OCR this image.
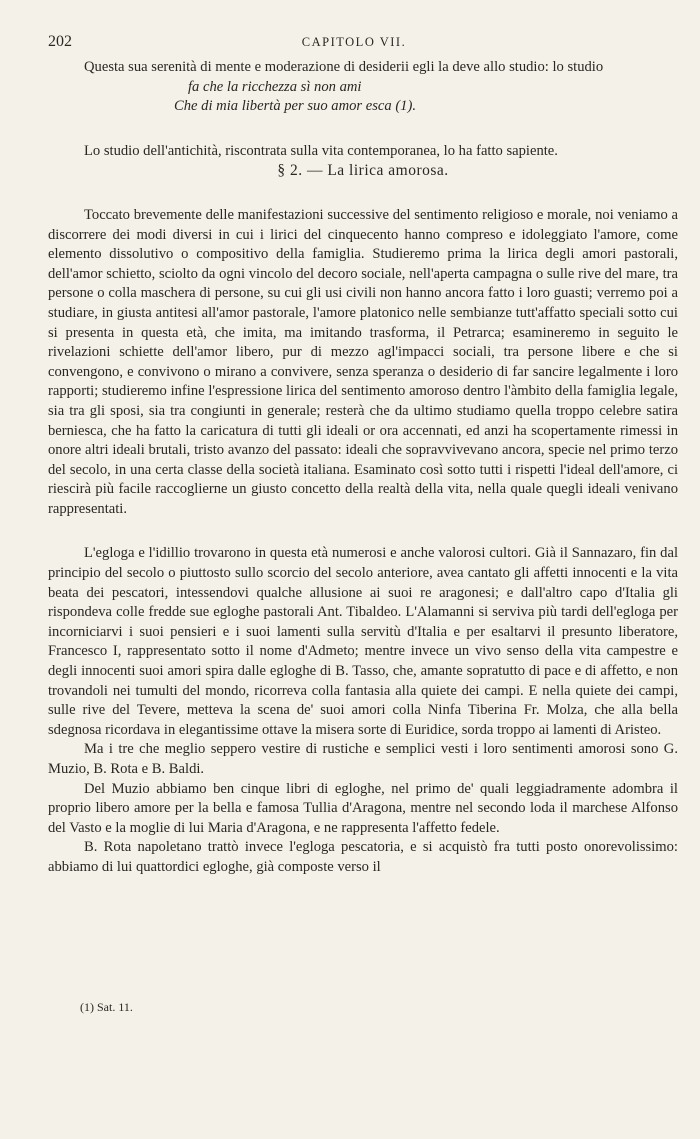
202	CAPITOLO VII.

Questa sua serenità di mente e moderazione di desiderii egli la deve allo studio: lo studio

fa che la ricchezza sì non ami

Che di mia libertà per suo amor esca (1).

Lo studio dell'antichità, riscontrata sulla vita contemporanea, lo ha fatto sapiente.

§ 2. — La lirica amorosa.

Toccato brevemente delle manifestazioni successive del sentimento religioso e morale, noi veniamo a discorrere dei modi diversi in cui i lirici del cinquecento hanno compreso e idoleggiato l'amore, come elemento dissolutivo o compositivo della famiglia. Studieremo prima la lirica degli amori pastorali, dell'amor schietto, sciolto da ogni vincolo del decoro sociale, nell'aperta campagna o sulle rive del mare, tra persone o colla maschera di persone, su cui gli usi civili non hanno ancora fatto i loro guasti; verremo poi a studiare, in giusta antitesi all'amor pastorale, l'amore platonico nelle sembianze tutt'affatto speciali sotto cui si presenta in questa età, che imita, ma imitando trasforma, il Petrarca; esamineremo in seguito le rivelazioni schiette dell'amor libero, pur di mezzo agl'impacci sociali, tra persone libere e che si convengono, e convivono o mirano a convivere, senza speranza o desiderio di far sancire legalmente i loro rapporti; studieremo infine l'espressione lirica del sentimento amoroso dentro l'àmbito della famiglia legale, sia tra gli sposi, sia tra congiunti in generale; resterà che da ultimo studiamo quella troppo celebre satira berniesca, che ha fatto la caricatura di tutti gli ideali or ora accennati, ed anzi ha scopertamente rimessi in onore altri ideali brutali, tristo avanzo del passato: ideali che sopravvivevano ancora, specie nel primo terzo del secolo, in una certa classe della società italiana. Esaminato così sotto tutti i rispetti l'ideal dell'amore, ci riescirà più facile raccoglierne un giusto concetto della realtà della vita, nella quale quegli ideali venivano rappresentati.

L'egloga e l'idillio trovarono in questa età numerosi e anche valorosi cultori. Già il Sannazaro, fin dal principio del secolo o piuttosto sullo scorcio del secolo anteriore, avea cantato gli affetti innocenti e la vita beata dei pescatori, intessendovi qualche allusione ai suoi re aragonesi; e dall'altro capo d'Italia gli rispondeva colle fredde sue egloghe pastorali Ant. Tibaldeo. L'Alamanni si serviva più tardi dell'egloga per incorniciarvi i suoi pensieri e i suoi lamenti sulla servitù d'Italia e per esaltarvi il presunto liberatore, Francesco I, rappresentato sotto il nome d'Admeto; mentre invece un vivo senso della vita campestre e degli innocenti suoi amori spira dalle egloghe di B. Tasso, che, amante sopratutto di pace e di affetto, e non trovandoli nei tumulti del mondo, ricorreva colla fantasia alla quiete dei campi. E nella quiete dei campi, sulle rive del Tevere, metteva la scena de' suoi amori colla Ninfa Tiberina Fr. Molza, che alla bella sdegnosa ricordava in elegantissime ottave la misera sorte di Euridice, sorda troppo ai lamenti di Aristeo.

Ma i tre che meglio seppero vestire di rustiche e semplici vesti i loro sentimenti amorosi sono G. Muzio, B. Rota e B. Baldi.

Del Muzio abbiamo ben cinque libri di egloghe, nel primo de' quali leggiadramente adombra il proprio libero amore per la bella e famosa Tullia d'Aragona, mentre nel secondo loda il marchese Alfonso del Vasto e la moglie di lui Maria d'Aragona, e ne rappresenta l'affetto fedele.

B. Rota napoletano trattò invece l'egloga pescatoria, e si acquistò fra tutti posto onorevolissimo: abbiamo di lui quattordici egloghe, già composte verso il

(1) Sat. 11.
